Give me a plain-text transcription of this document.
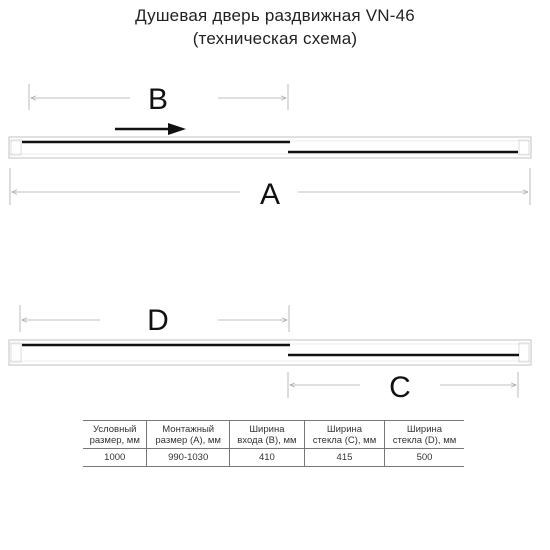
Душевая дверь раздвижная VN-46
(техническая схема)
B
A
D
C
Условный
размер, мм	Монтажный
размер (А), мм	Ширина
входа (B), мм	Ширина
стекла (C), мм	Ширина
стекла (D), мм
1000	990-1030	410	415	500
